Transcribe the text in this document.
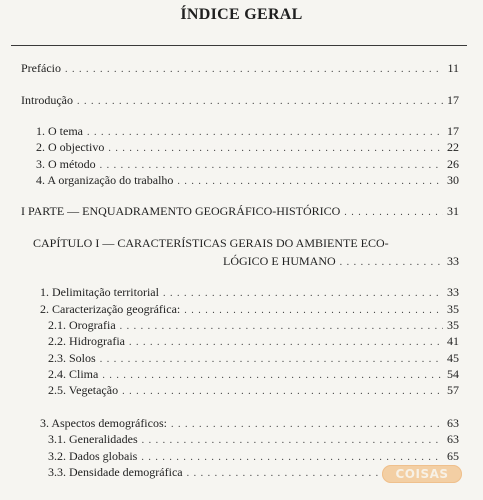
ÍNDICE GERAL
Prefácio . . .	11
Introdução . . .	17
1. O tema . . .	17
2. O objectivo . . .	22
3. O método . . .	26
4. A organização do trabalho . . .	30
I PARTE — ENQUADRAMENTO GEOGRÁFICO-HISTÓRICO . . .	31
CAPÍTULO I — CARACTERÍSTICAS GERAIS DO AMBIENTE ECO-
LÓGICO E HUMANO . . .	33
1. Delimitação territorial . . .	33
2. Caracterização geográfica: . . .	35
2.1. Orografia . . .	35
2.2. Hidrografia . . .	41
2.3. Solos . . .	45
2.4. Clima . . .	54
2.5. Vegetação . . .	57
3. Aspectos demográficos: . . .	63
3.1. Generalidades . . .	63
3.2. Dados globais . . .	65
3.3. Densidade demográfica . . .	COISAS
